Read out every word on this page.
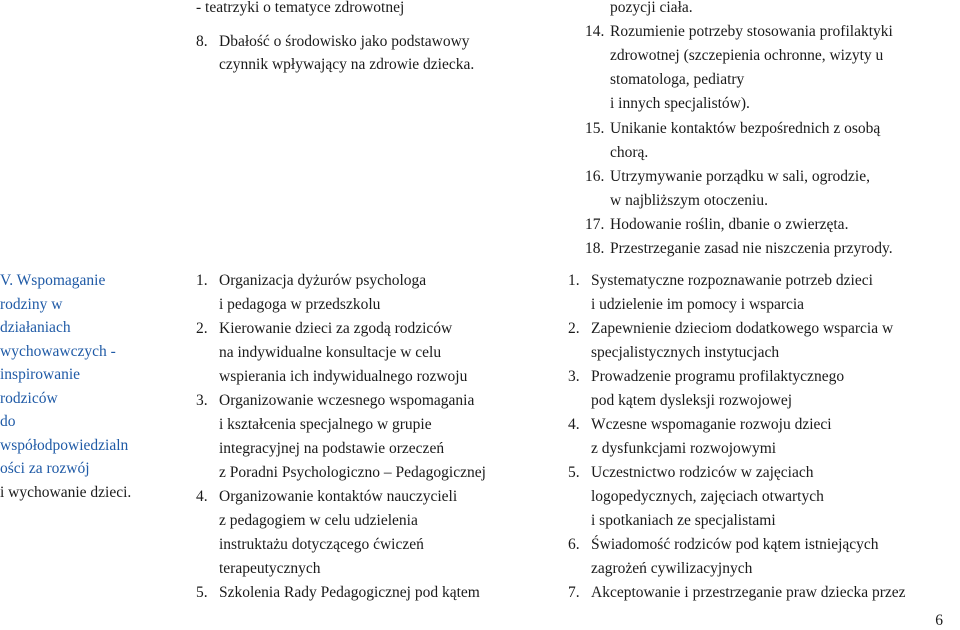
- teatrzyki o tematyce zdrowotnej
8. Dbałość o środowisko jako podstawowy
czynnik wpływający na zdrowie dziecka.
pozycji ciała.
14. Rozumienie potrzeby stosowania profilaktyki
zdrowotnej (szczepienia ochronne, wizyty u
stomatologa, pediatry
i innych specjalistów).
15. Unikanie kontaktów bezpośrednich z osobą
chorą.
16. Utrzymywanie porządku w sali, ogrodzie,
w najbliższym otoczeniu.
17. Hodowanie roślin, dbanie o zwierzęta.
18. Przestrzeganie zasad nie niszczenia przyrody.
V. Wspomaganie
rodziny w
działaniach
wychowawczych -
inspirowanie
rodziców
do
współodpowiedzialn
ości za rozwój
i wychowanie dzieci.
1. Organizacja dyżurów psychologa
i pedagoga w przedszkolu
2. Kierowanie dzieci za zgodą rodziców
na indywidualne konsultacje w celu
wspierania ich indywidualnego rozwoju
3. Organizowanie wczesnego wspomagania
i kształcenia specjalnego w grupie
integracyjnej na podstawie orzeczeń
z Poradni Psychologiczno – Pedagogicznej
4. Organizowanie kontaktów nauczycieli
z pedagogiem w celu udzielenia
instruktażu dotyczącego ćwiczeń
terapeutycznych
5. Szkolenia Rady Pedagogicznej pod kątem
1. Systematyczne rozpoznawanie potrzeb dzieci
i udzielenie im pomocy i wsparcia
2. Zapewnienie dzieciom dodatkowego wsparcia w
specjalistycznych instytucjach
3. Prowadzenie programu profilaktycznego
pod kątem dysleksji rozwojowej
4. Wczesne wspomaganie rozwoju dzieci
z dysfunkcjami rozwojowymi
5. Uczestnictwo rodziców w zajęciach
logopedycznych, zajęciach otwartych
i spotkaniach ze specjalistami
6. Świadomość rodziców pod kątem istniejących
zagrożeń cywilizacyjnych
7. Akceptowanie i przestrzeganie praw dziecka przez
6
